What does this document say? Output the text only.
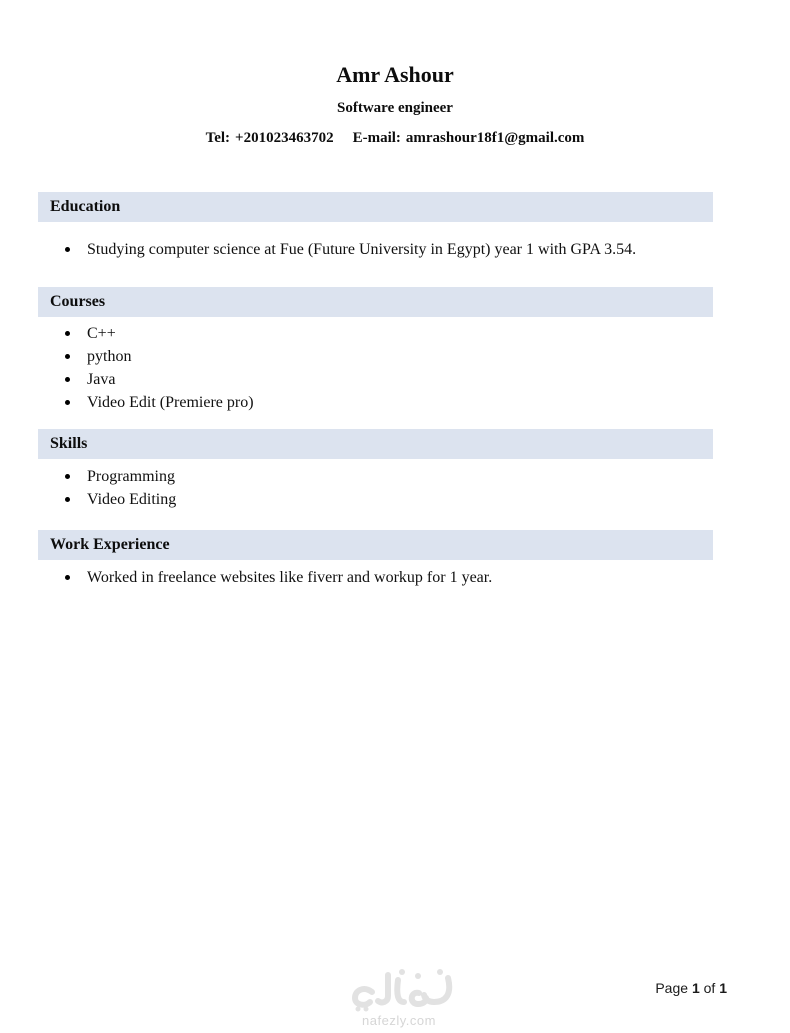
Amr Ashour
Software engineer
Tel: +201023463702 E-mail: amrashour18f1@gmail.com
Education
Studying computer science at Fue (Future University in Egypt) year 1 with GPA 3.54.
Courses
C++
python
Java
Video Edit (Premiere pro)
Skills
Programming
Video Editing
Work Experience
Worked in freelance websites like fiverr and workup for 1 year.
nafezly.com
Page 1 of 1
